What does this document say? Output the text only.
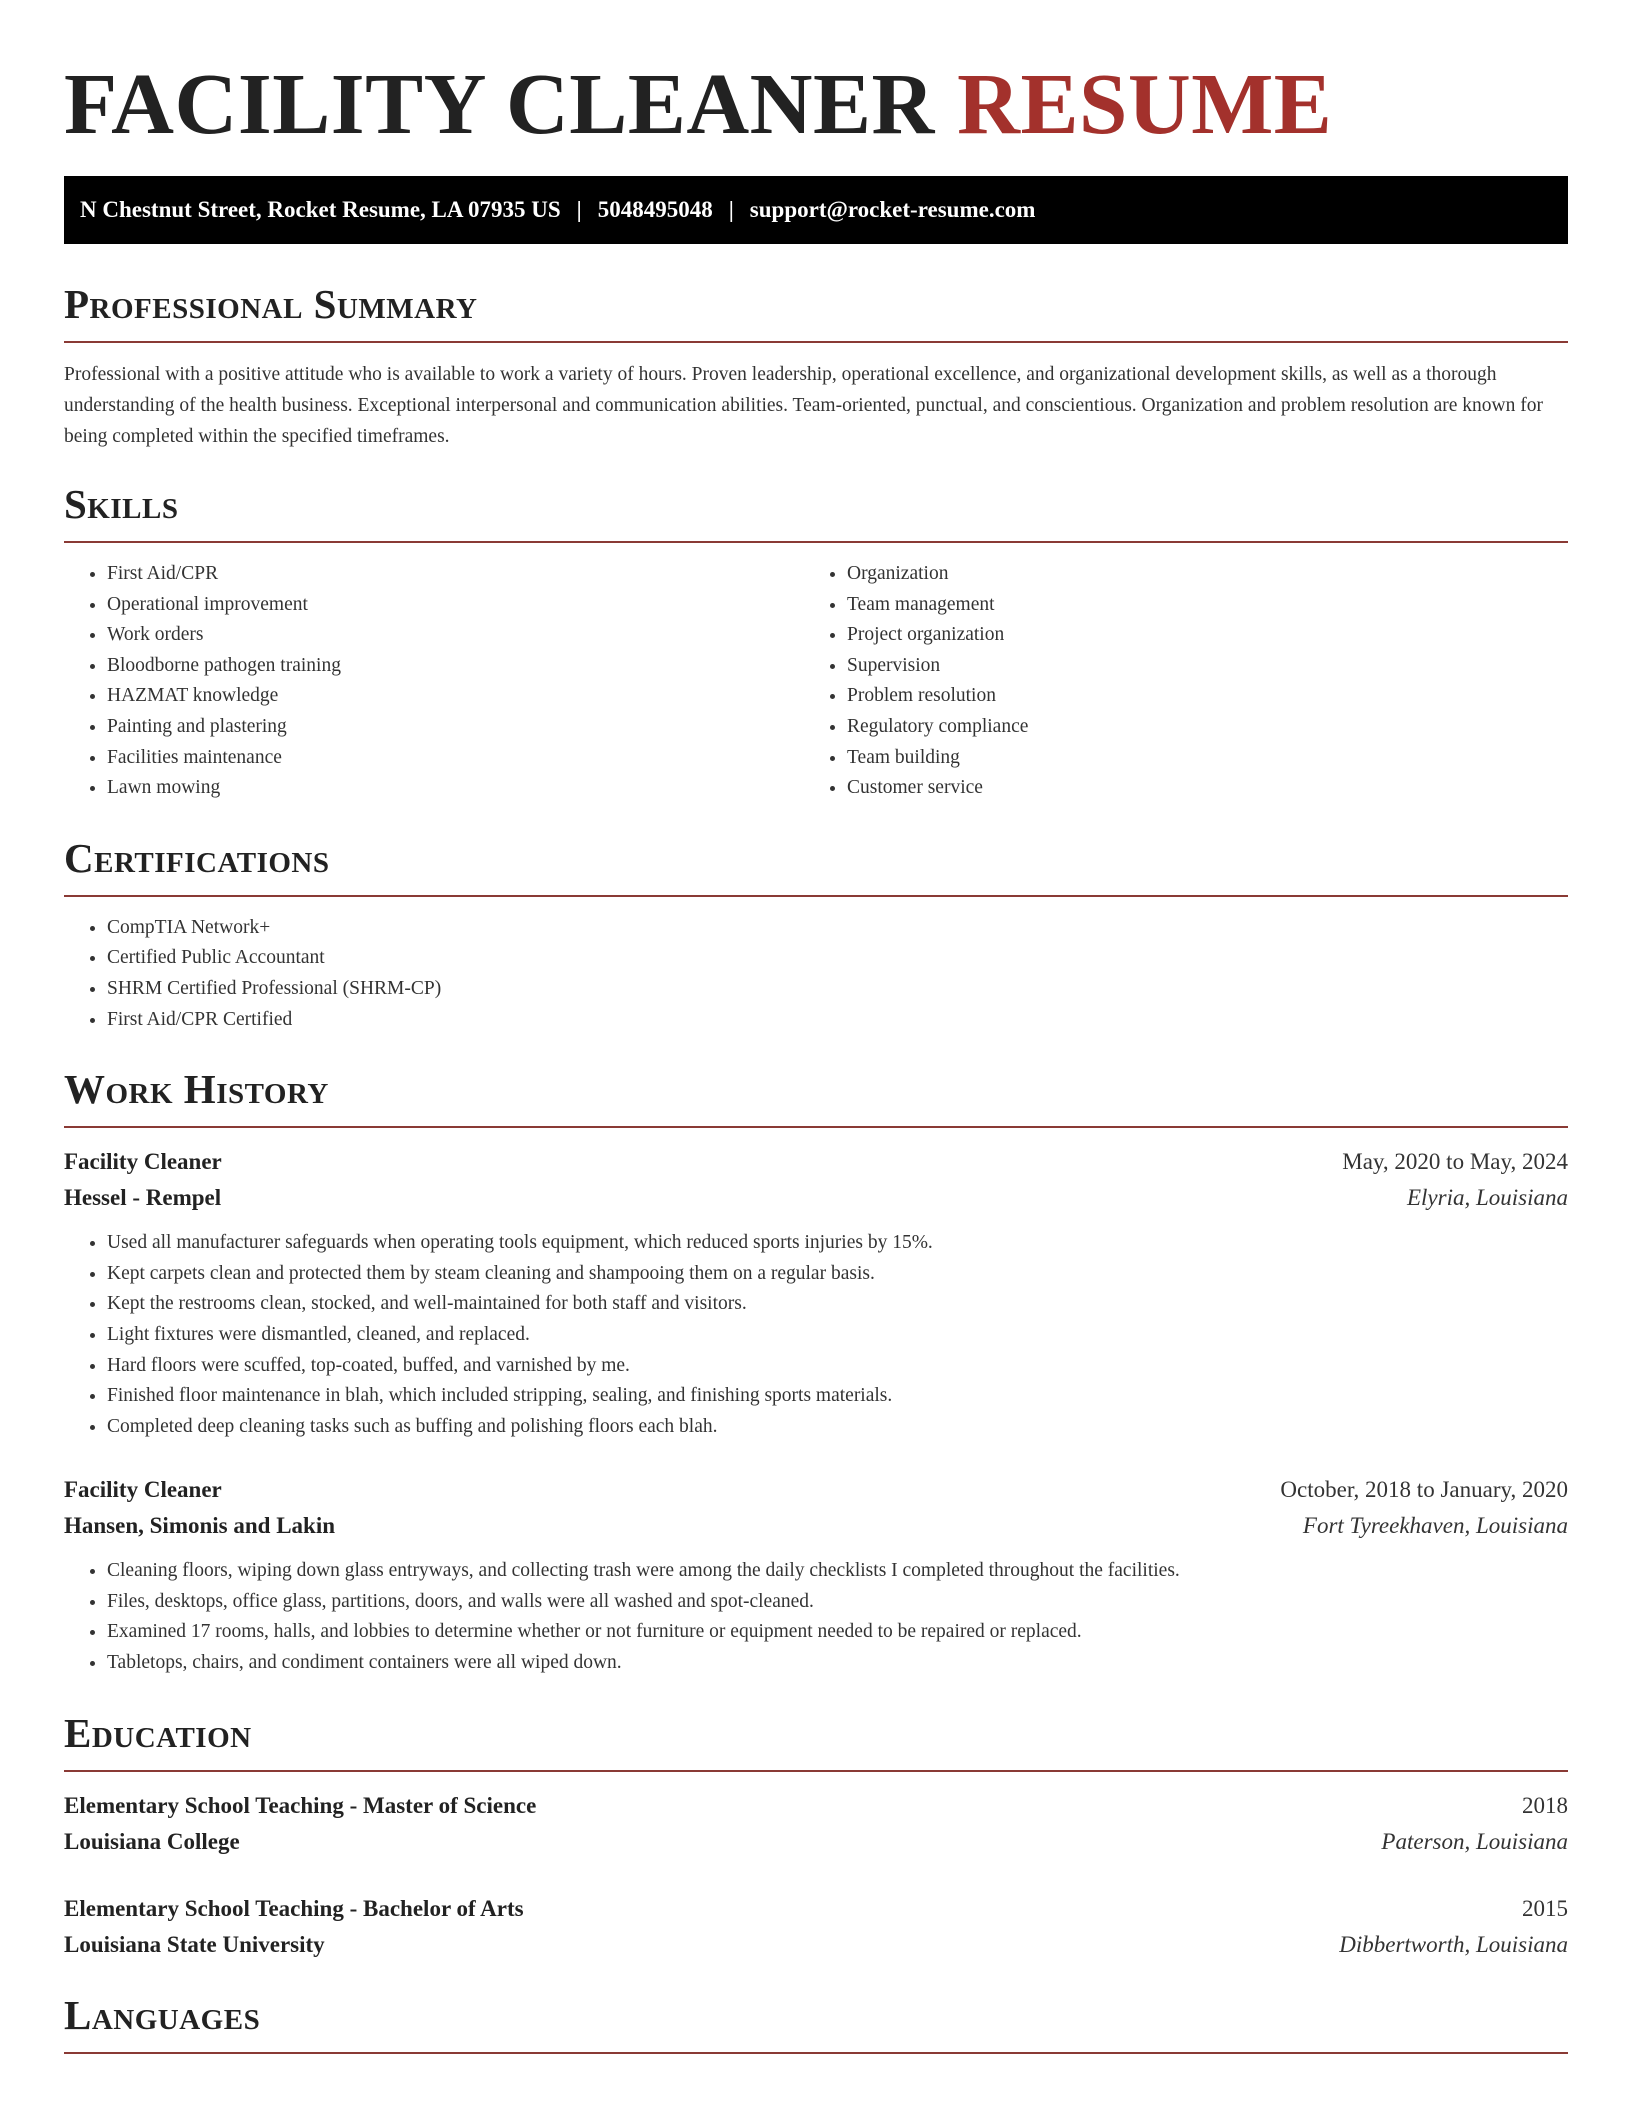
FACILITY CLEANER RESUME
N Chestnut Street, Rocket Resume, LA 07935 US | 5048495048 | support@rocket-resume.com
Professional Summary

Professional with a positive attitude who is available to work a variety of hours. Proven leadership, operational excellence, and organizational development skills, as well as a thorough understanding of the health business. Exceptional interpersonal and communication abilities. Team-oriented, punctual, and conscientious. Organization and problem resolution are known for being completed within the specified timeframes.

Skills
• First Aid/CPR
• Operational improvement
• Work orders
• Bloodborne pathogen training
• HAZMAT knowledge
• Painting and plastering
• Facilities maintenance
• Lawn mowing
• Organization
• Team management
• Project organization
• Supervision
• Problem resolution
• Regulatory compliance
• Team building
• Customer service
Certifications
• CompTIA Network+
• Certified Public Accountant
• SHRM Certified Professional (SHRM-CP)
• First Aid/CPR Certified
Work History
Facility Cleaner	May, 2020 to May, 2024
Hessel - Rempel	Elyria, Louisiana
• Used all manufacturer safeguards when operating tools equipment, which reduced sports injuries by 15%.
• Kept carpets clean and protected them by steam cleaning and shampooing them on a regular basis.
• Kept the restrooms clean, stocked, and well-maintained for both staff and visitors.
• Light fixtures were dismantled, cleaned, and replaced.
• Hard floors were scuffed, top-coated, buffed, and varnished by me.
• Finished floor maintenance in blah, which included stripping, sealing, and finishing sports materials.
• Completed deep cleaning tasks such as buffing and polishing floors each blah.
Facility Cleaner	October, 2018 to January, 2020
Hansen, Simonis and Lakin	Fort Tyreekhaven, Louisiana
• Cleaning floors, wiping down glass entryways, and collecting trash were among the daily checklists I completed throughout the facilities.
• Files, desktops, office glass, partitions, doors, and walls were all washed and spot-cleaned.
• Examined 17 rooms, halls, and lobbies to determine whether or not furniture or equipment needed to be repaired or replaced.
• Tabletops, chairs, and condiment containers were all wiped down.
Education
Elementary School Teaching - Master of Science	2018
Louisiana College	Paterson, Louisiana
Elementary School Teaching - Bachelor of Arts	2015
Louisiana State University	Dibbertworth, Louisiana
Languages
